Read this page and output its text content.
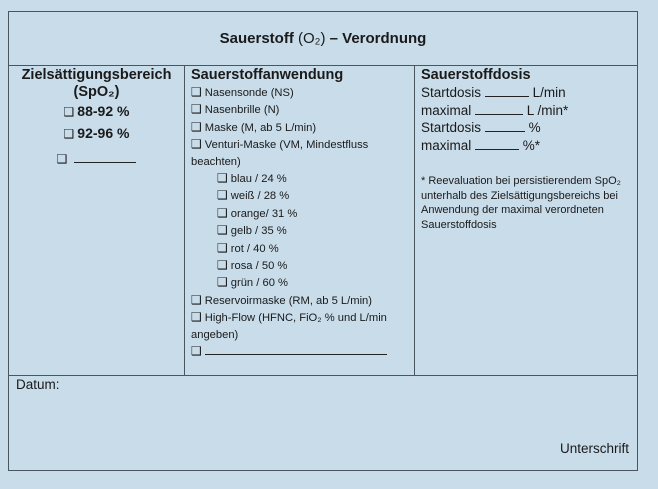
Sauerstoff
(O₂)
– Verordnung
Zielsättigungsbereich
(SpO₂)
❑ 88-92 %
❑ 92-96 %
❑
Sauerstoffanwendung
❑ Nasensonde (NS)
❑ Nasenbrille (N)
❑ Maske (M, ab 5 L/min)
❑ Venturi-Maske (VM, Mindestfluss beachten)
❑ blau / 24 %
❑ weiß / 28 %
❑ orange/ 31 %
❑ gelb / 35 %
❑ rot / 40 %
❑ rosa / 50 %
❑ grün / 60 %
❑ Reservoirmaske (RM, ab 5 L/min)
❑ High-Flow (HFNC, FiO₂ % und L/min angeben)
❑
Sauerstoffdosis
Startdosis	L/min
maximal	L /min*
Startdosis	%
maximal	%*
* Reevaluation bei persistierendem SpO₂ unterhalb des Zielsättigungsbereichs bei Anwendung der maximal verordneten Sauerstoffdosis
Datum:
Unterschrift
